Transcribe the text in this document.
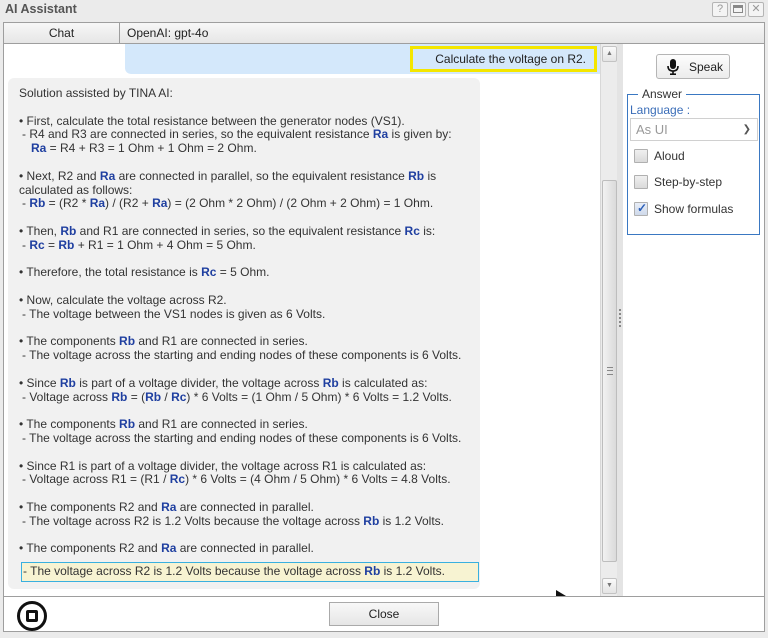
AI Assistant	?	✕
Chat	OpenAI: gpt-4o
Calculate the voltage on R2.

Solution assisted by TINA AI:

• First, calculate the total resistance between the generator nodes (VS1).
- R4 and R3 are connected in series, so the equivalent resistance Ra is given by:
Ra = R4 + R3 = 1 Ohm + 1 Ohm = 2 Ohm.

• Next, R2 and Ra are connected in parallel, so the equivalent resistance Rb is
calculated as follows:
- Rb = (R2 * Ra) / (R2 + Ra) = (2 Ohm * 2 Ohm) / (2 Ohm + 2 Ohm) = 1 Ohm.

• Then, Rb and R1 are connected in series, so the equivalent resistance Rc is:
- Rc = Rb + R1 = 1 Ohm + 4 Ohm = 5 Ohm.

• Therefore, the total resistance is Rc = 5 Ohm.

• Now, calculate the voltage across R2.
- The voltage between the VS1 nodes is given as 6 Volts.

• The components Rb and R1 are connected in series.
- The voltage across the starting and ending nodes of these components is 6 Volts.

• Since Rb is part of a voltage divider, the voltage across Rb is calculated as:
- Voltage across Rb = (Rb / Rc) * 6 Volts = (1 Ohm / 5 Ohm) * 6 Volts = 1.2 Volts.

• The components Rb and R1 are connected in series.
- The voltage across the starting and ending nodes of these components is 6 Volts.

• Since R1 is part of a voltage divider, the voltage across R1 is calculated as:
- Voltage across R1 = (R1 / Rc) * 6 Volts = (4 Ohm / 5 Ohm) * 6 Volts = 4.8 Volts.

• The components R2 and Ra are connected in parallel.
- The voltage across R2 is 1.2 Volts because the voltage across Rb is 1.2 Volts.

• The components R2 and Ra are connected in parallel.

- The voltage across R2 is 1.2 Volts because the voltage across Rb is 1.2 Volts.
▲
▼
Speak
Answer
Language :
As UI	❯
Aloud
Step-by-step
✓ Show formulas
Close
